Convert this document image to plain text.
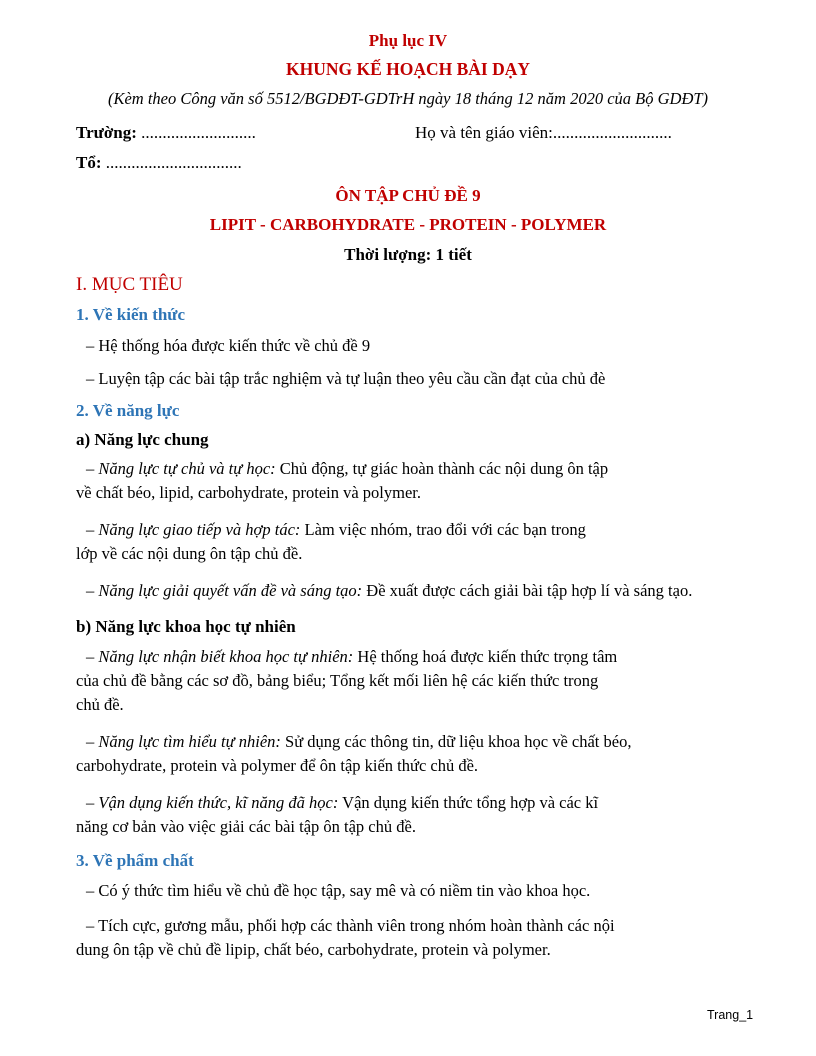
Phụ lục IV
KHUNG KẾ HOẠCH BÀI DẠY
(Kèm theo Công văn số 5512/BGDĐT-GDTrH ngày 18 tháng 12 năm 2020 của Bộ GDĐT)
Trường: ...........................	Họ và tên giáo viên:............................
Tổ: ................................
ÔN TẬP CHỦ ĐỀ 9
LIPIT - CARBOHYDRATE - PROTEIN - POLYMER
Thời lượng: 1 tiết
I. MỤC TIÊU
1. Về kiến thức
– Hệ thống hóa được kiến thức về chủ đề 9
– Luyện tập các bài tập trắc nghiệm và tự luận theo yêu cầu cần đạt của chủ đè
2. Về năng lực
a) Năng lực chung
– Năng lực tự chủ và tự học: Chủ động, tự giác hoàn thành các nội dung ôn tập
về chất béo, lipid, carbohydrate, protein và polymer.
– Năng lực giao tiếp và hợp tác: Làm việc nhóm, trao đổi với các bạn trong
lớp về các nội dung ôn tập chủ đề.
– Năng lực giải quyết vấn đề và sáng tạo: Đề xuất được cách giải bài tập hợp lí và sáng tạo.
b) Năng lực khoa học tự nhiên
– Năng lực nhận biết khoa học tự nhiên: Hệ thống hoá được kiến thức trọng tâm
của chủ đề bằng các sơ đồ, bảng biểu; Tổng kết mối liên hệ các kiến thức trong
chủ đề.
– Năng lực tìm hiểu tự nhiên: Sử dụng các thông tin, dữ liệu khoa học về chất béo,
carbohydrate, protein và polymer để ôn tập kiến thức chủ đề.
– Vận dụng kiến thức, kĩ năng đã học: Vận dụng kiến thức tổng hợp và các kĩ
năng cơ bản vào việc giải các bài tập ôn tập chủ đề.
3. Về phẩm chất
– Có ý thức tìm hiểu về chủ đề học tập, say mê và có niềm tin vào khoa học.
– Tích cực, gương mẫu, phối hợp các thành viên trong nhóm hoàn thành các nội
dung ôn tập về chủ đề lipip, chất béo, carbohydrate, protein và polymer.
Trang_1
